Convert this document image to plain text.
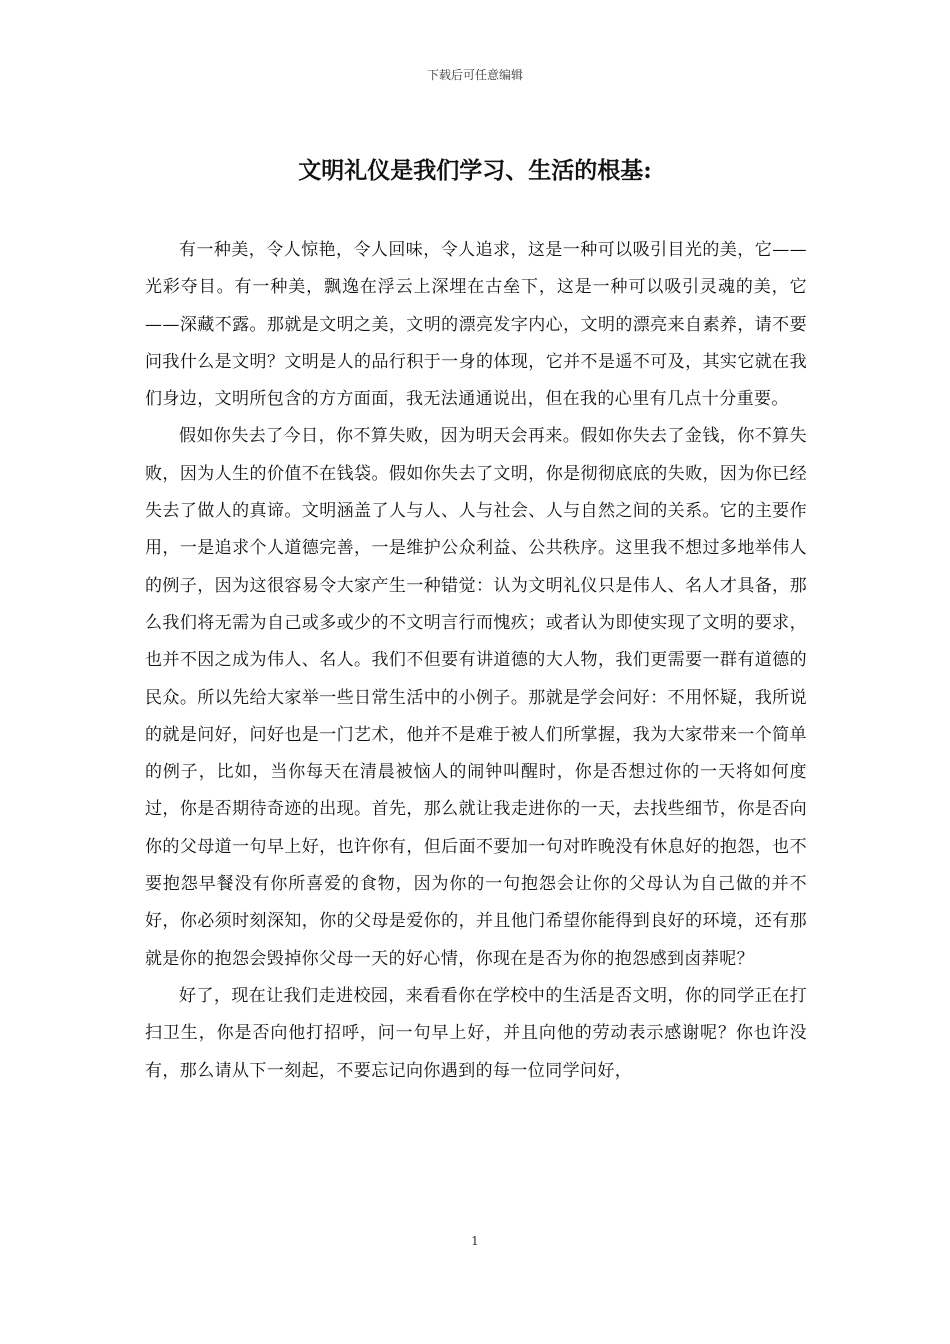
下载后可任意编辑
文明礼仪是我们学习、生活的根基:

有一种美，令人惊艳，令人回味，令人追求，这是一种可以吸引目光的美，它——光彩夺目。有一种美，飘逸在浮云上深埋在古垒下，这是一种可以吸引灵魂的美，它——深藏不露。那就是文明之美，文明的漂亮发字内心，文明的漂亮来自素养，请不要问我什么是文明？文明是人的品行积于一身的体现，它并不是遥不可及，其实它就在我们身边，文明所包含的方方面面，我无法通通说出，但在我的心里有几点十分重要。

假如你失去了今日，你不算失败，因为明天会再来。假如你失去了金钱，你不算失败，因为人生的价值不在钱袋。假如你失去了文明，你是彻彻底底的失败，因为你已经失去了做人的真谛。文明涵盖了人与人、人与社会、人与自然之间的关系。它的主要作用，一是追求个人道德完善，一是维护公众利益、公共秩序。这里我不想过多地举伟人的例子，因为这很容易令大家产生一种错觉：认为文明礼仪只是伟人、名人才具备，那么我们将无需为自己或多或少的不文明言行而愧疚；或者认为即使实现了文明的要求，也并不因之成为伟人、名人。我们不但要有讲道德的大人物，我们更需要一群有道德的民众。所以先给大家举一些日常生活中的小例子。那就是学会问好：不用怀疑，我所说的就是问好，问好也是一门艺术，他并不是难于被人们所掌握，我为大家带来一个简单的例子，比如，当你每天在清晨被恼人的闹钟叫醒时，你是否想过你的一天将如何度过，你是否期待奇迹的出现。首先，那么就让我走进你的一天，去找些细节，你是否向你的父母道一句早上好，也许你有，但后面不要加一句对昨晚没有休息好的抱怨，也不要抱怨早餐没有你所喜爱的食物，因为你的一句抱怨会让你的父母认为自己做的并不好，你必须时刻深知，你的父母是爱你的，并且他门希望你能得到良好的环境，还有那就是你的抱怨会毁掉你父母一天的好心情，你现在是否为你的抱怨感到卤莽呢？

好了，现在让我们走进校园，来看看你在学校中的生活是否文明，你的同学正在打扫卫生，你是否向他打招呼，问一句早上好，并且向他的劳动表示感谢呢？你也许没有，那么请从下一刻起，不要忘记向你遇到的每一位同学问好，

1
